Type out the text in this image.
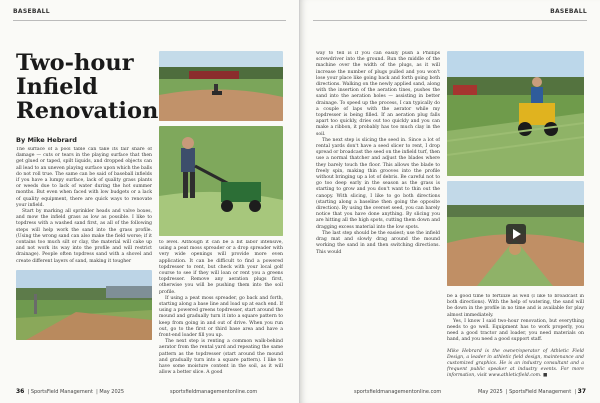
BASEBALL
Two-hour Infield Renovation
By Mike Hebrard

The surface of a pool table can take its fair share of damage — cuts or tears in the playing surface that then get glued or taped, spilt liquids, and dropped objects can all lead to an uneven playing surface upon which the balls do not roll true. The same can be said of baseball infields if you have a lumpy surface, lack of quality grass plants or weeds due to lack of water during the hot summer months. But even when faced with low budgets or a lack of quality equipment, there are quick ways to renovate your infield.

Start by marking all sprinkler heads and valve boxes, and mow the infield grass as low as possible. I like to topdress with a washed sand first, as all of the following steps will help work the sand into the grass profile. (Using the wrong sand can also make the field worse; if it contains too much silt or clay, the material will cake up and not work its way into the profile and will restrict drainage). People often topdress sand with a shovel and create different layers of sand, making it tougher

to level. Although it can be a bit labor intensive, using a peat moss spreader or a drop spreader with very wide openings will provide more even application. It can be difficult to find a powered topdresser to rent, but check with your local golf course to see if they will loan or rent you a greens topdresser. Remove any aeration plugs first, otherwise you will be pushing them into the soil profile.

If using a peat moss spreader, go back and forth, starting along a base line and load up at each end. If using a powered greens topdresser, start around the mound and gradually turn it into a square pattern to keep from going in and out of drive. When you run out, go to the first or third base area and have a front-end loader fill you up.

The next step is renting a common walk-behind aerator from the rental yard and repeating the same pattern as the topdresser (start around the mound and gradually turn into a square pattern). I like to have some moisture content in the soil, as it will allow a better slice. A good

36  | SportsField Management  | May 2025	sportsfieldmanagementonline.com
BASEBALL

way to tell is if you can easily push a Phillips screwdriver into the ground. Run the middle of the machine over the width of the plugs, as it will increase the number of plugs pulled and you won't lose your place like going back and forth going both directions. Walking on the newly applied sand, along with the insertion of the aeration tines, pushes the sand into the aeration holes — assisting in better drainage. To speed up the process, I can typically do a couple of laps with the aerator while my topdresser is being filled. If an aeration plug falls apart too quickly, dries out too quickly and you can make a ribbon, it probably has too much clay in the soil.

The next step is slicing the seed in. Since a lot of rental yards don't have a seed slicer to rent, I drop spread or broadcast the seed on the infield turf, then use a normal thatcher and adjust the blades where they barely touch the floor. This allows the blade to freely spin, making thin grooves into the profile without bringing up a lot of debris. Be careful not to go too deep early in the season as the grass is starting to grow and you don't want to thin out the canopy. With slicing, I like to go both directions (starting along a baseline then going the opposite direction). By using the overset seed, you can barely notice that you have done anything. By slicing you are hitting all the high spots, cutting them down and dragging excess material into the low spots.

The last step should be the easiest; use the infield drag mat and slowly drag around the mound working the sand in and then switching directions. This would

be a good time to fertilize as well (I like to broadcast in both directions). With the help of watering, the sand will be down in the profile in no time and is available for play almost immediately.

Yes, I know I said two-hour renovation, but everything needs to go well. Equipment has to work properly, you need a good tractor and loader, you need materials on hand, and you need a good support staff.

Mike Hebrard is the owner/operator of Athletic Field Design, a leader in athletic field design, maintenance and customized graphics. He is an industry consultant and a frequent public speaker at industry events. For more information, visit www.athleticfield.com. ■

sportsfieldmanagementonline.com	May 2025  | SportsField Management  | 37
